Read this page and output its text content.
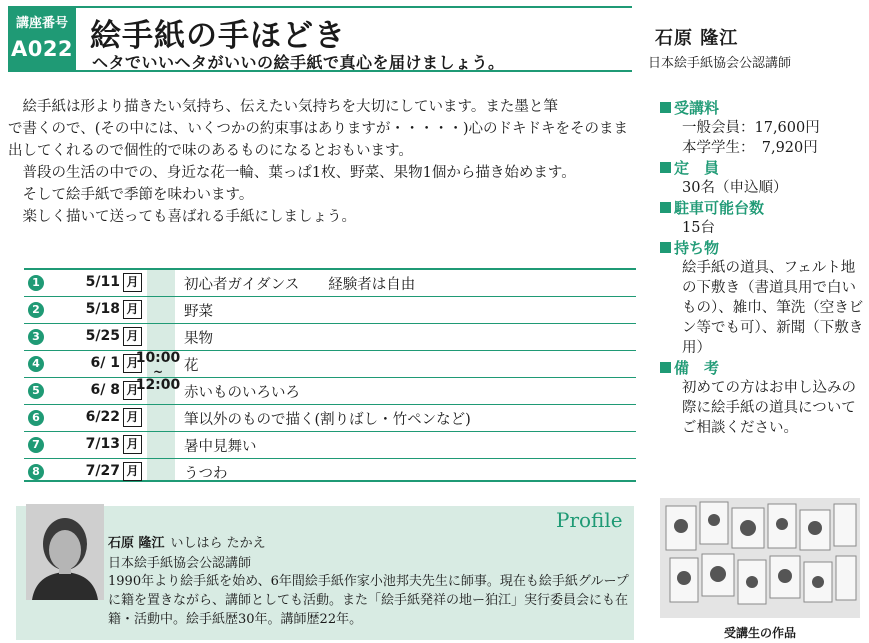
講座番号
A022 絵手紙の手ほどき
ヘタでいいヘタがいいの絵手紙で真心を届けましょう。
石原 隆江
日本絵手紙協会公認講師

絵手紙は形より描きたい気持ち、伝えたい気持ちを大切にしています。また墨と筆

で書くので、(その中には、いくつかの約束事はありますが・・・・・)心のドキドキをそのまま出してくれるので個性的で味のあるものになるとおもいます。

普段の生活の中での、身近な花一輪、葉っぱ1枚、野菜、果物1個から描き始めます。

そして絵手紙で季節を味わいます。

楽しく描いて送っても喜ばれる手紙にしましょう。

1	5/11 月	初心者ガイダンス　　経験者は自由
2	5/18 月	野菜
3	5/25 月	果物
4	6/ 1 月	花
5	6/ 8 月	赤いものいろいろ
6	6/22 月	筆以外のもので描く(割りばし・竹ペンなど)
7	7/13 月	暑中見舞い
8	7/27 月	うつわ
10:00
~
12:00
受講料
一般会員：17,600円
本学学生：　7,920円
定　員
30名（申込順）
駐車可能台数
15台
持ち物
絵手紙の道具、フェルト地の下敷き（書道具用で白いもの）、雑巾、筆洗（空きビン等でも可）、新聞（下敷き用）
備　考
初めての方はお申し込みの際に絵手紙の道具についてご相談ください。
Profile
石原 隆江 いしはら たかえ
日本絵手紙協会公認講師
1990年より絵手紙を始め、6年間絵手紙作家小池邦夫先生に師事。現在も絵手紙グループに籍を置きながら、講師としても活動。また「絵手紙発祥の地ー狛江」実行委員会にも在籍・活動中。絵手紙歴30年。講師歴22年。
受講生の作品
